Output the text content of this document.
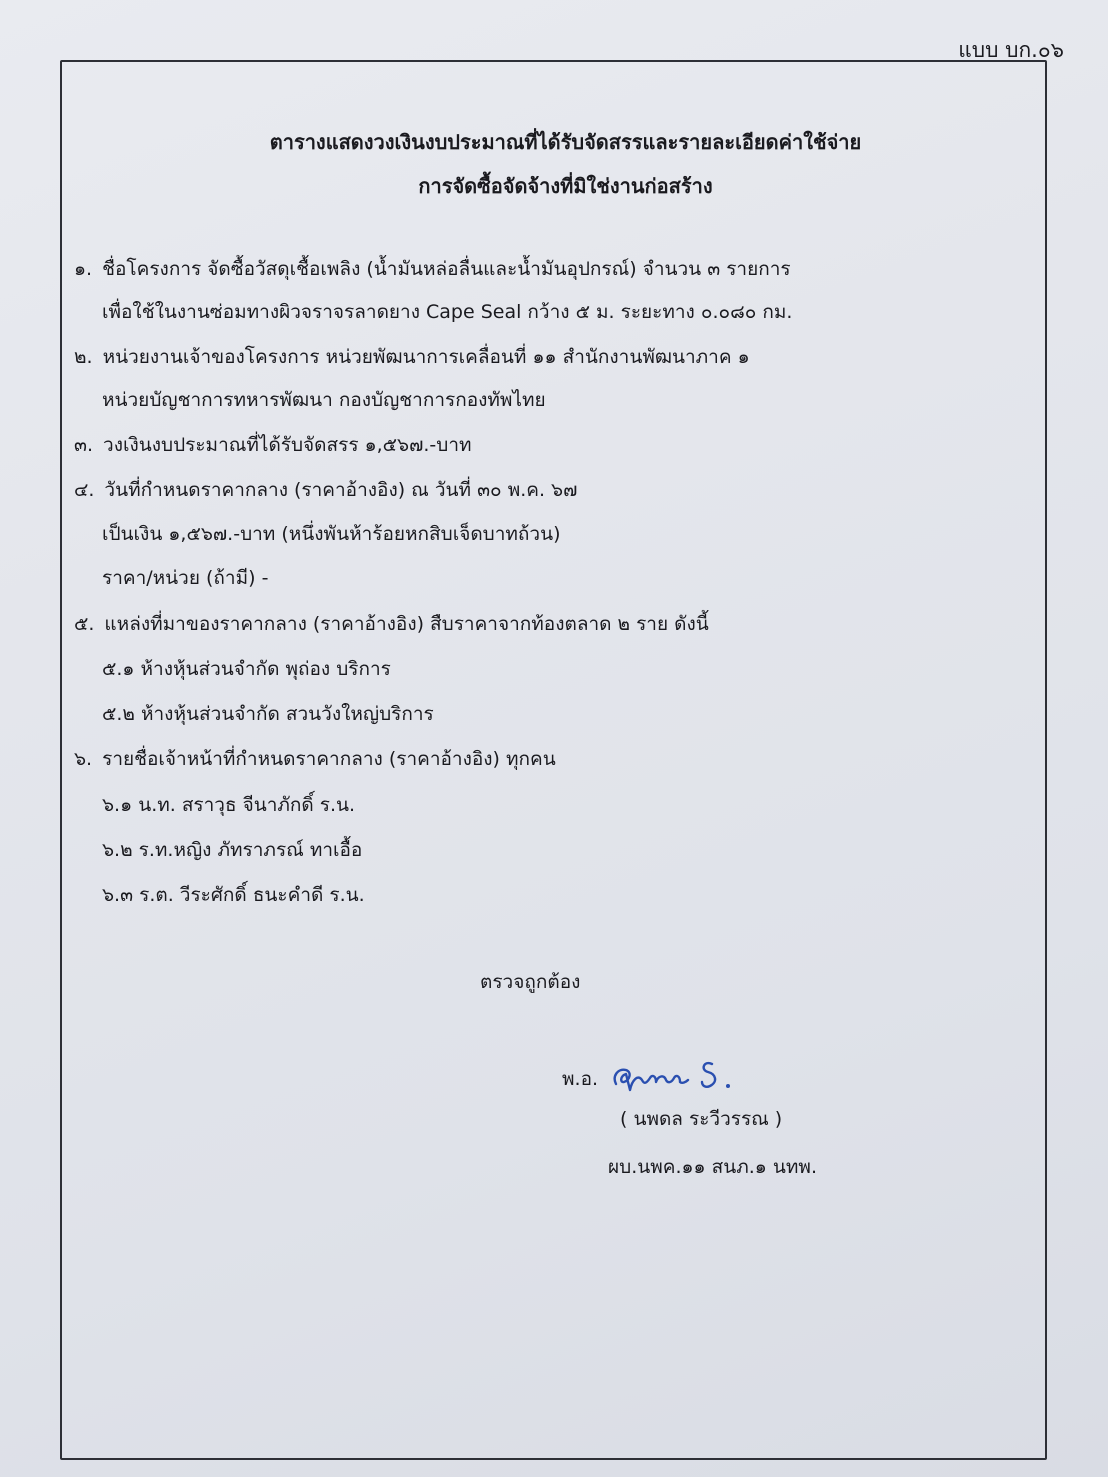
แบบ บก.๐๖
ตารางแสดงวงเงินงบประมาณที่ได้รับจัดสรรและรายละเอียดค่าใช้จ่าย
การจัดซื้อจัดจ้างที่มิใช่งานก่อสร้าง

๑. ชื่อโครงการ จัดซื้อวัสดุเชื้อเพลิง (น้ำมันหล่อลื่นและน้ำมันอุปกรณ์) จำนวน ๓ รายการ

เพื่อใช้ในงานซ่อมทางผิวจราจรลาดยาง Cape Seal กว้าง ๕ ม. ระยะทาง ๐.๐๘๐ กม.

๒. หน่วยงานเจ้าของโครงการ หน่วยพัฒนาการเคลื่อนที่ ๑๑ สำนักงานพัฒนาภาค ๑

หน่วยบัญชาการทหารพัฒนา กองบัญชาการกองทัพไทย

๓. วงเงินงบประมาณที่ได้รับจัดสรร ๑,๕๖๗.-บาท

๔. วันที่กำหนดราคากลาง (ราคาอ้างอิง) ณ วันที่ ๓๐ พ.ค. ๖๗

เป็นเงิน ๑,๕๖๗.-บาท (หนึ่งพันห้าร้อยหกสิบเจ็ดบาทถ้วน)

ราคา/หน่วย (ถ้ามี) -

๕. แหล่งที่มาของราคากลาง (ราคาอ้างอิง) สืบราคาจากท้องตลาด ๒ ราย ดังนี้

๕.๑ ห้างหุ้นส่วนจำกัด พุถ่อง บริการ

๕.๒ ห้างหุ้นส่วนจำกัด สวนวังใหญ่บริการ

๖. รายชื่อเจ้าหน้าที่กำหนดราคากลาง (ราคาอ้างอิง) ทุกคน

๖.๑ น.ท. สราวุธ จีนาภักดิ์ ร.น.

๖.๒ ร.ท.หญิง ภัทราภรณ์ ทาเอื้อ

๖.๓ ร.ต. วีระศักดิ์ ธนะคำดี ร.น.

ตรวจถูกต้อง
พ.อ.
( นพดล ระวีวรรณ )
ผบ.นพค.๑๑ สนภ.๑ นทพ.
